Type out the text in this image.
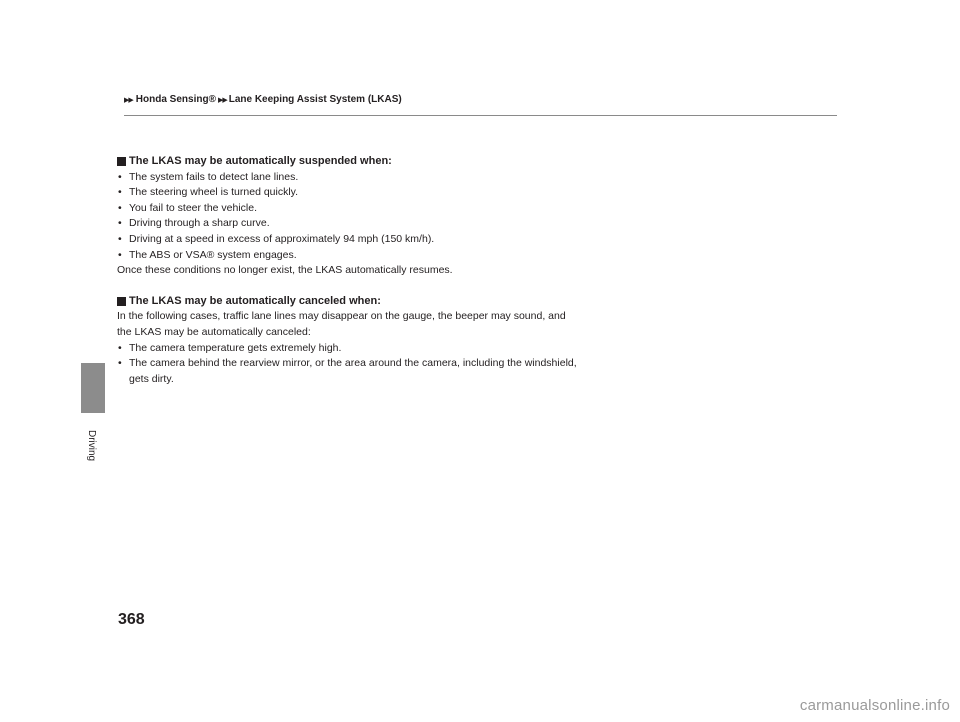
▶▶ Honda Sensing® ▶▶ Lane Keeping Assist System (LKAS)
Driving
The LKAS may be automatically suspended when:
• The system fails to detect lane lines.
• The steering wheel is turned quickly.
• You fail to steer the vehicle.
• Driving through a sharp curve.
• Driving at a speed in excess of approximately 94 mph (150 km/h).
• The ABS or VSA® system engages.

Once these conditions no longer exist, the LKAS automatically resumes.

The LKAS may be automatically canceled when:

In the following cases, traffic lane lines may disappear on the gauge, the beeper may sound, and the LKAS may be automatically canceled:

• The camera temperature gets extremely high.
• The camera behind the rearview mirror, or the area around the camera, including the windshield, gets dirty.
368
carmanualsonline.info
